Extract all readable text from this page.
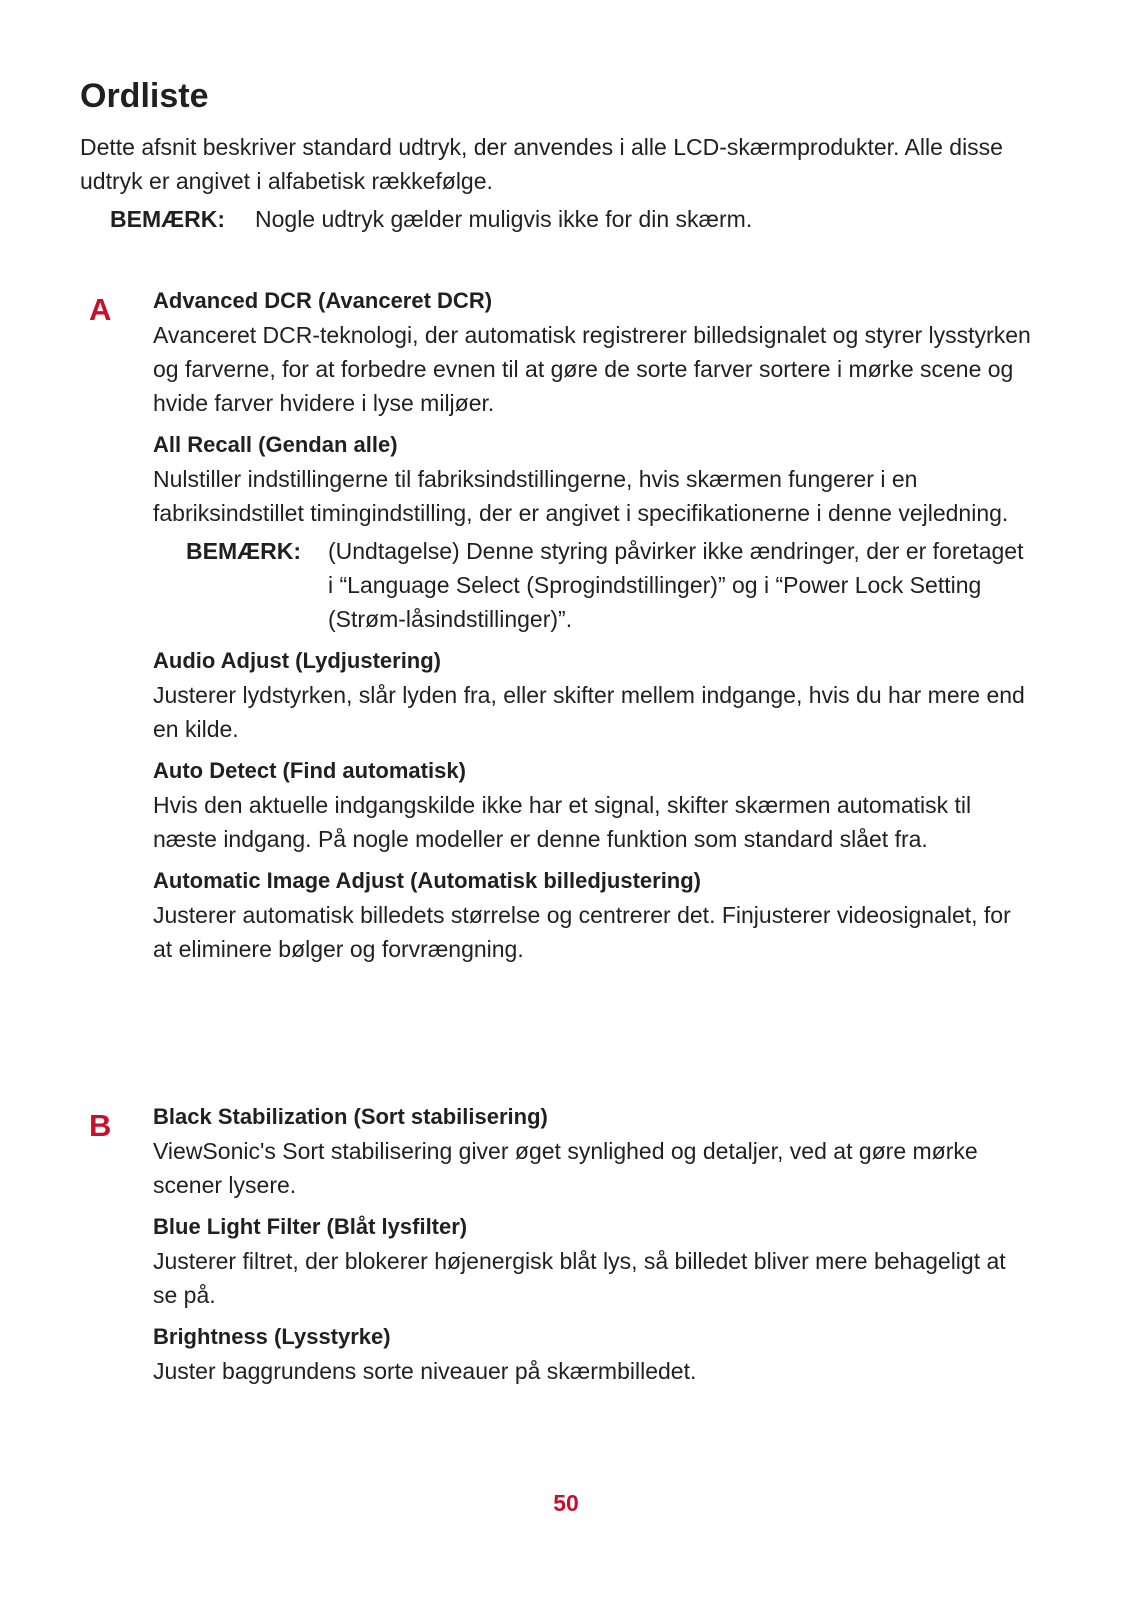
Ordliste
Dette afsnit beskriver standard udtryk, der anvendes i alle LCD-skærmprodukter. Alle disse udtryk er angivet i alfabetisk rækkefølge.
BEMÆRK:	Nogle udtryk gælder muligvis ikke for din skærm.
A Advanced DCR (Avanceret DCR)
Avanceret DCR-teknologi, der automatisk registrerer billedsignalet og styrer lysstyrken og farverne, for at forbedre evnen til at gøre de sorte farver sortere i mørke scene og hvide farver hvidere i lyse miljøer.
All Recall (Gendan alle)
Nulstiller indstillingerne til fabriksindstillingerne, hvis skærmen fungerer i en fabriksindstillet timingindstilling, der er angivet i specifikationerne i denne vejledning.
BEMÆRK:	(Undtagelse) Denne styring påvirker ikke ændringer, der er foretaget i “Language Select (Sprogindstillinger)” og i “Power Lock Setting (Strøm-låsindstillinger)”.
Audio Adjust (Lydjustering)
Justerer lydstyrken, slår lyden fra, eller skifter mellem indgange, hvis du har mere end en kilde.
Auto Detect (Find automatisk)
Hvis den aktuelle indgangskilde ikke har et signal, skifter skærmen automatisk til næste indgang. På nogle modeller er denne funktion som standard slået fra.
Automatic Image Adjust (Automatisk billedjustering)
Justerer automatisk billedets størrelse og centrerer det. Finjusterer videosignalet, for at eliminere bølger og forvrængning.
B Black Stabilization (Sort stabilisering)
ViewSonic's Sort stabilisering giver øget synlighed og detaljer, ved at gøre mørke scener lysere.
Blue Light Filter (Blåt lysfilter)
Justerer filtret, der blokerer højenergisk blåt lys, så billedet bliver mere behageligt at se på.
Brightness (Lysstyrke)
Juster baggrundens sorte niveauer på skærmbilledet.
50
